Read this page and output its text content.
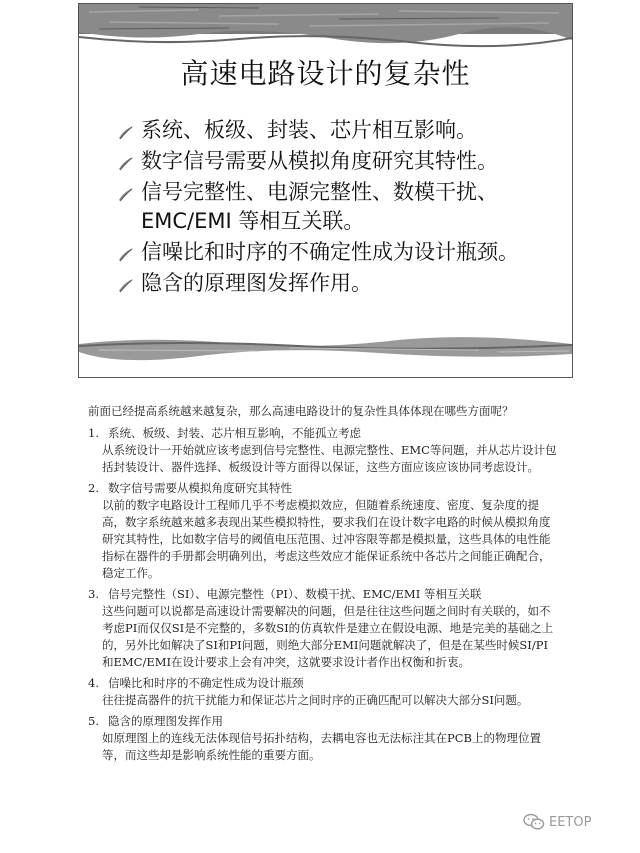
高速电路设计的复杂性
系统、板级、封装、芯片相互影响。
数字信号需要从模拟角度研究其特性。
信号完整性、电源完整性、数模干扰、EMC/EMI 等相互关联。
信噪比和时序的不确定性成为设计瓶颈。
隐含的原理图发挥作用。

前面已经提高系统越来越复杂，那么高速电路设计的复杂性具体体现在哪些方面呢？

1. 系统、板级、封装、芯片相互影响，不能孤立考虑
从系统设计一开始就应该考虑到信号完整性、电源完整性、EMC等问题，并从芯片设计包括封装设计、器件选择、板级设计等方面得以保证，这些方面应该应该协同考虑设计。
2. 数字信号需要从模拟角度研究其特性
以前的数字电路设计工程师几乎不考虑模拟效应，但随着系统速度、密度、复杂度的提高，数字系统越来越多表现出某些模拟特性，要求我们在设计数字电路的时候从模拟角度研究其特性，比如数字信号的阈值电压范围、过冲容限等都是模拟量，这些具体的电性能指标在器件的手册都会明确列出，考虑这些效应才能保证系统中各芯片之间能正确配合，稳定工作。
3. 信号完整性（SI）、电源完整性（PI）、数模干扰、EMC/EMI 等相互关联
这些问题可以说都是高速设计需要解决的问题，但是往往这些问题之间时有关联的，如不考虑PI而仅仅SI是不完整的，多数SI的仿真软件是建立在假设电源、地是完美的基础之上的，另外比如解决了SI和PI问题，则绝大部分EMI问题就解决了，但是在某些时候SI/PI和EMC/EMI在设计要求上会有冲突，这就要求设计者作出权衡和折衷。
4. 信噪比和时序的不确定性成为设计瓶颈
往往提高器件的抗干扰能力和保证芯片之间时序的正确匹配可以解决大部分SI问题。
5. 隐含的原理图发挥作用
如原理图上的连线无法体现信号拓扑结构，去耦电容也无法标注其在PCB上的物理位置等，而这些却是影响系统性能的重要方面。
EETOP
